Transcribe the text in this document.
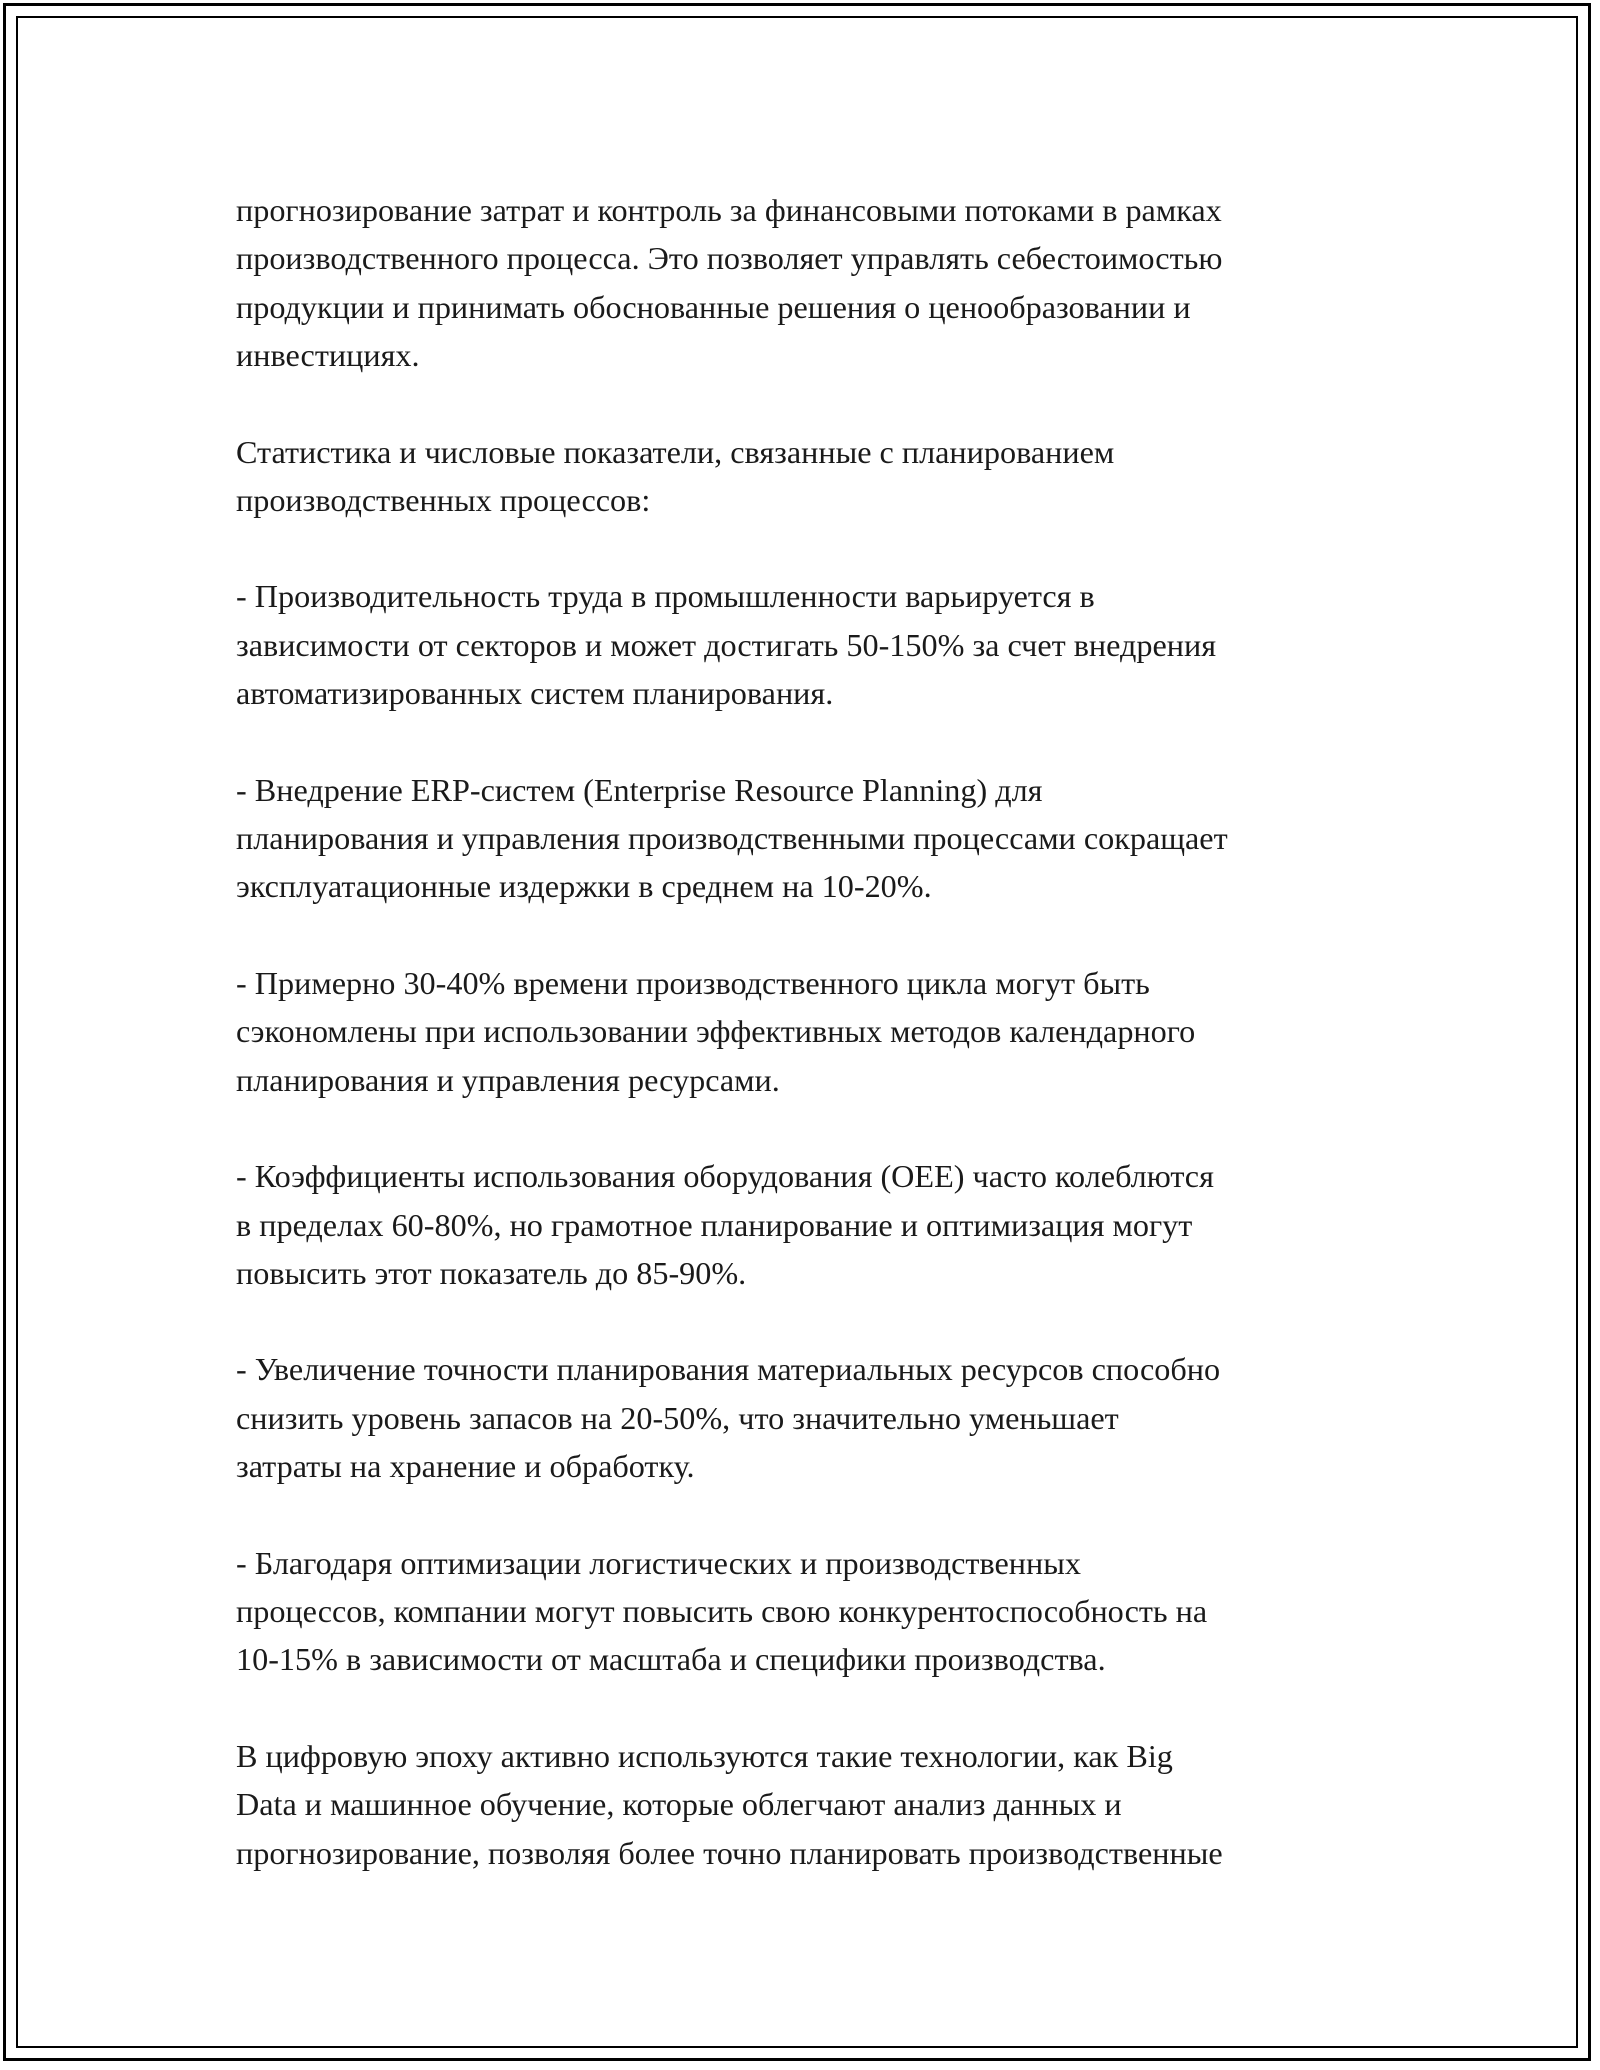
прогнозирование затрат и контроль за финансовыми потоками в рамках
производственного процесса. Это позволяет управлять себестоимостью
продукции и принимать обоснованные решения о ценообразовании и
инвестициях.

Статистика и числовые показатели, связанные с планированием
производственных процессов:

- Производительность труда в промышленности варьируется в
зависимости от секторов и может достигать 50-150% за счет внедрения
автоматизированных систем планирования.

- Внедрение ERP-систем (Enterprise Resource Planning) для
планирования и управления производственными процессами сокращает
эксплуатационные издержки в среднем на 10-20%.

- Примерно 30-40% времени производственного цикла могут быть
сэкономлены при использовании эффективных методов календарного
планирования и управления ресурсами.

- Коэффициенты использования оборудования (OEE) часто колеблются
в пределах 60-80%, но грамотное планирование и оптимизация могут
повысить этот показатель до 85-90%.

- Увеличение точности планирования материальных ресурсов способно
снизить уровень запасов на 20-50%, что значительно уменьшает
затраты на хранение и обработку.

- Благодаря оптимизации логистических и производственных
процессов, компании могут повысить свою конкурентоспособность на
10-15% в зависимости от масштаба и специфики производства.

В цифровую эпоху активно используются такие технологии, как Big
Data и машинное обучение, которые облегчают анализ данных и
прогнозирование, позволяя более точно планировать производственные
